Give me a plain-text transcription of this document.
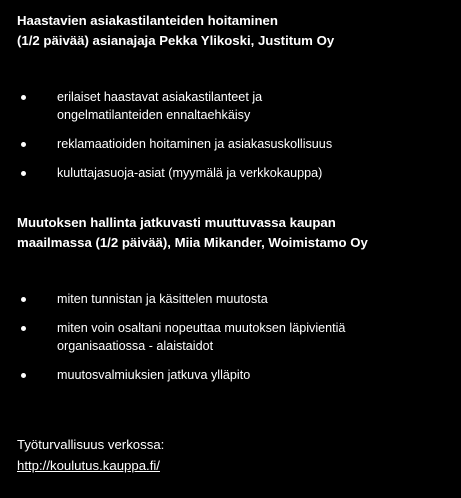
Haastavien asiakastilanteiden hoitaminen
(1/2 päivää) asianajaja Pekka Ylikoski, Justitum Oy
erilaiset haastavat asiakastilanteet ja
ongelmatilanteiden ennaltaehkäisy
reklamaatioiden hoitaminen ja asiakasuskollisuus
kuluttajasuoja-asiat (myymälä ja verkkokauppa)
Muutoksen hallinta jatkuvasti muuttuvassa kaupan
maailmassa (1/2 päivää), Miia Mikander, Woimistamo Oy
miten tunnistan ja käsittelen muutosta
miten voin osaltani nopeuttaa muutoksen läpivientiä
organisaatiossa - alaistaidot
muutosvalmiuksien jatkuva ylläpito
Työturvallisuus verkossa:
http://koulutus.kauppa.fi/
